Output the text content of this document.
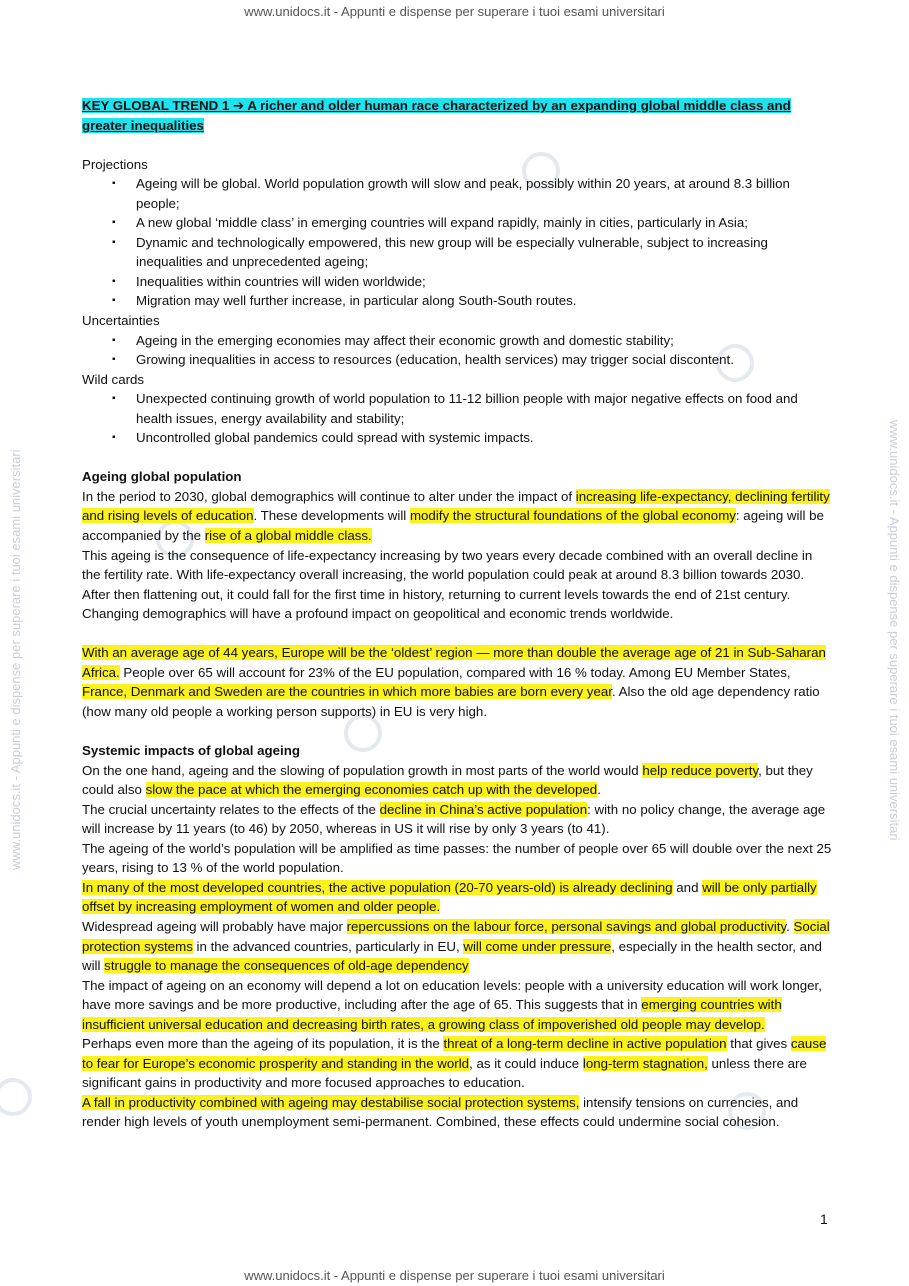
www.unidocs.it - Appunti e dispense per superare i tuoi esami universitari
www.unidocs.it - Appunti e dispense per superare i tuoi esami universitari
www.unidocs.it - Appunti e dispense per superare i tuoi esami universitari	www.unidocs.it - Appunti e dispense per superare i tuoi esami universitari

KEY GLOBAL TREND 1 ➔ A richer and older human race characterized by an expanding global middle class and greater inequalities

Projections

▪ Ageing will be global. World population growth will slow and peak, possibly within 20 years, at around 8.3 billion people;
▪ A new global ‘middle class’ in emerging countries will expand rapidly, mainly in cities, particularly in Asia;
▪ Dynamic and technologically empowered, this new group will be especially vulnerable, subject to increasing inequalities and unprecedented ageing;
▪ Inequalities within countries will widen worldwide;
▪ Migration may well further increase, in particular along South-South routes.

Uncertainties

▪ Ageing in the emerging economies may affect their economic growth and domestic stability;
▪ Growing inequalities in access to resources (education, health services) may trigger social discontent.

Wild cards

▪ Unexpected continuing growth of world population to 11-12 billion people with major negative effects on food and health issues, energy availability and stability;
▪ Uncontrolled global pandemics could spread with systemic impacts.

Ageing global population

In the period to 2030, global demographics will continue to alter under the impact of increasing life-expectancy, declining fertility and rising levels of education. These developments will modify the structural foundations of the global economy: ageing will be accompanied by the rise of a global middle class.

This ageing is the consequence of life-expectancy increasing by two years every decade combined with an overall decline in the fertility rate. With life-expectancy overall increasing, the world population could peak at around 8.3 billion towards 2030. After then flattening out, it could fall for the first time in history, returning to current levels towards the end of 21st century. Changing demographics will have a profound impact on geopolitical and economic trends worldwide.

With an average age of 44 years, Europe will be the ‘oldest’ region — more than double the average age of 21 in Sub-Saharan Africa. People over 65 will account for 23% of the EU population, compared with 16 % today. Among EU Member States, France, Denmark and Sweden are the countries in which more babies are born every year. Also the old age dependency ratio (how many old people a working person supports) in EU is very high.

Systemic impacts of global ageing

On the one hand, ageing and the slowing of population growth in most parts of the world would help reduce poverty, but they could also slow the pace at which the emerging economies catch up with the developed.

The crucial uncertainty relates to the effects of the decline in China’s active population: with no policy change, the average age will increase by 11 years (to 46) by 2050, whereas in US it will rise by only 3 years (to 41).

The ageing of the world’s population will be amplified as time passes: the number of people over 65 will double over the next 25 years, rising to 13 % of the world population.

In many of the most developed countries, the active population (20-70 years-old) is already declining and will be only partially offset by increasing employment of women and older people.

Widespread ageing will probably have major repercussions on the labour force, personal savings and global productivity. Social protection systems in the advanced countries, particularly in EU, will come under pressure, especially in the health sector, and will struggle to manage the consequences of old-age dependency

The impact of ageing on an economy will depend a lot on education levels: people with a university education will work longer, have more savings and be more productive, including after the age of 65. This suggests that in emerging countries with insufficient universal education and decreasing birth rates, a growing class of impoverished old people may develop.

Perhaps even more than the ageing of its population, it is the threat of a long-term decline in active population that gives cause to fear for Europe’s economic prosperity and standing in the world, as it could induce long-term stagnation, unless there are significant gains in productivity and more focused approaches to education.

A fall in productivity combined with ageing may destabilise social protection systems, intensify tensions on currencies, and render high levels of youth unemployment semi-permanent. Combined, these effects could undermine social cohesion.

1
